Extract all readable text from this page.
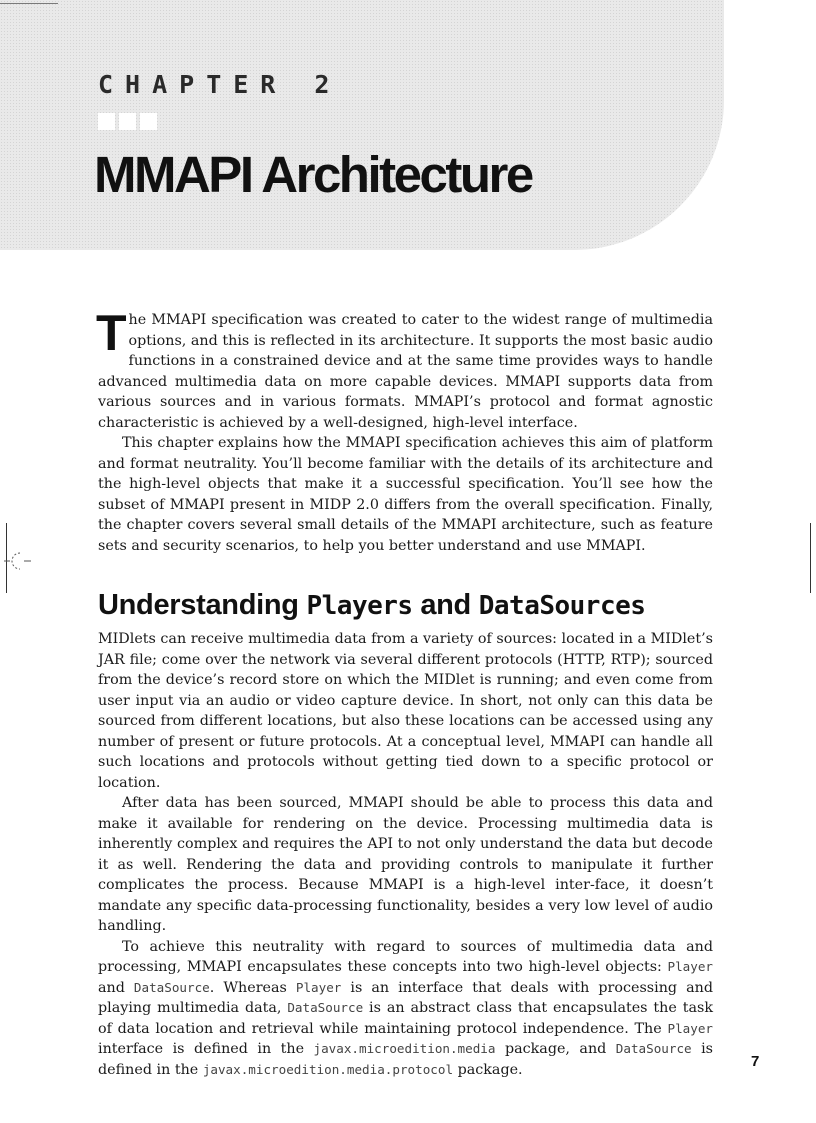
CHAPTER 2
MMAPI Architecture

The MMAPI specification was created to cater to the widest range of multimedia options, and this is reflected in its architecture. It supports the most basic audio functions in a constrained device and at the same time provides ways to handle advanced multimedia data on more capable devices. MMAPI supports data from various sources and in various formats. MMAPI’s protocol and format agnostic characteristic is achieved by a well-designed, high-level interface.

This chapter explains how the MMAPI specification achieves this aim of platform and format neutrality. You’ll become familiar with the details of its architecture and the high-level objects that make it a successful specification. You’ll see how the subset of MMAPI present in MIDP 2.0 differs from the overall specification. Finally, the chapter covers several small details of the MMAPI architecture, such as feature sets and security scenarios, to help you better understand and use MMAPI.

Understanding Players and DataSources

MIDlets can receive multimedia data from a variety of sources: located in a MIDlet’s JAR file; come over the network via several different protocols (HTTP, RTP); sourced from the device’s record store on which the MIDlet is running; and even come from user input via an audio or video capture device. In short, not only can this data be sourced from different locations, but also these locations can be accessed using any number of present or future protocols. At a conceptual level, MMAPI can handle all such locations and protocols without getting tied down to a specific protocol or location.

After data has been sourced, MMAPI should be able to process this data and make it available for rendering on the device. Processing multimedia data is inherently complex and requires the API to not only understand the data but decode it as well. Rendering the data and providing controls to manipulate it further complicates the process. Because MMAPI is a high-level inter-face, it doesn’t mandate any specific data-processing functionality, besides a very low level of audio handling.

To achieve this neutrality with regard to sources of multimedia data and processing, MMAPI encapsulates these concepts into two high-level objects: Player and DataSource. Whereas Player is an interface that deals with processing and playing multimedia data, DataSource is an abstract class that encapsulates the task of data location and retrieval while maintaining protocol independence. The Player interface is defined in the javax.microedition.media package, and DataSource is defined in the javax.microedition.media.protocol package.	7
